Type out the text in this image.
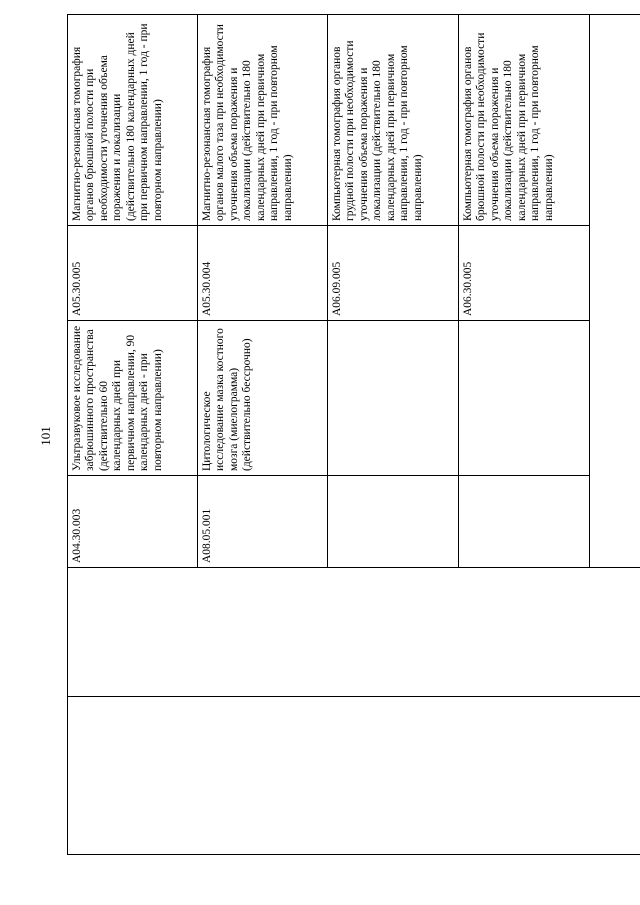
101
		A04.30.003	Ультразвуковое исследование забрюшинного пространства (действительно 60 календарных дней при первичном направлении, 90 календарных дней - при повторном направлении)	A05.30.005	Магнитно-резонансная томография органов брюшной полости при необходимости уточнения объема поражения и локализации (действительно 180 календарных дней при первичном направлении, 1 год - при повторном направлении)
		A08.05.001	Цитологическое исследование мазка костного мозга (миелограмма) (действительно бессрочно)	A05.30.004	Магнитно-резонансная томография органов малого таза при необходимости уточнения объема поражения и локализации (действительно 180 календарных дней при первичном направлении, 1 год - при повторном направлении)
				A06.09.005	Компьютерная томография органов грудной полости при необходимости уточнения объема поражения и локализации (действительно 180 календарных дней при первичном направлении, 1 год - при повторном направлении)
				A06.30.005	Компьютерная томография органов брюшной полости при необходимости уточнения объема поражения и локализации (действительно 180 календарных дней при первичном направлении, 1 год - при повторном направлении)
